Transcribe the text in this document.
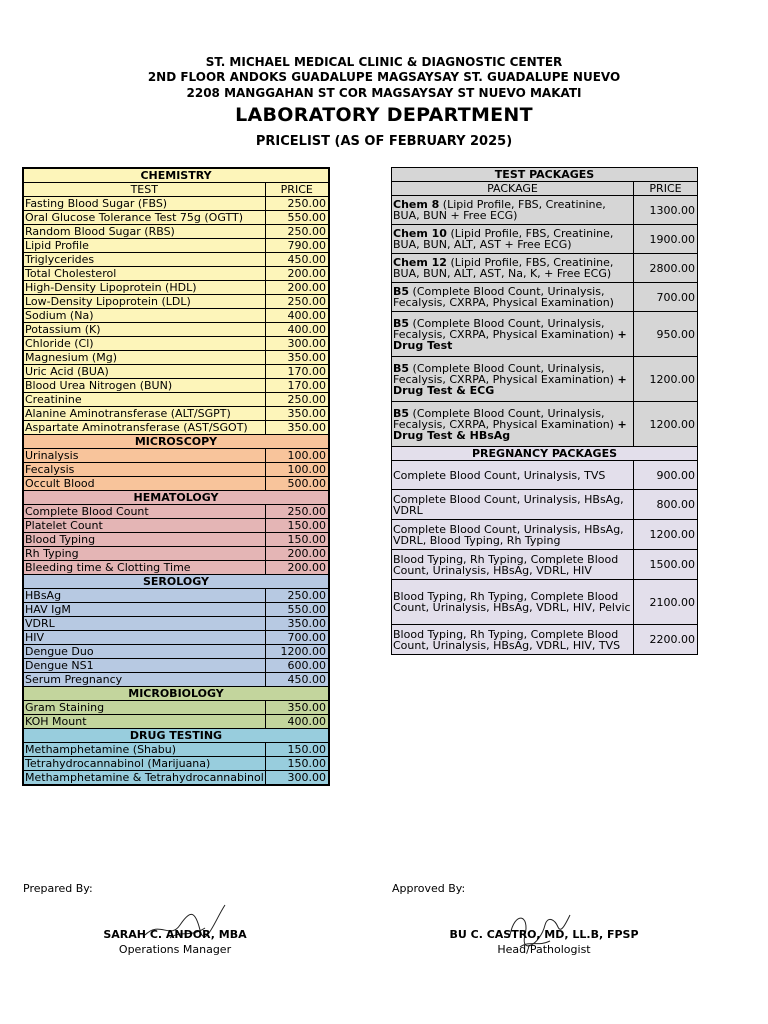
ST. MICHAEL MEDICAL CLINIC & DIAGNOSTIC CENTER
2ND FLOOR ANDOKS GUADALUPE MAGSAYSAY ST. GUADALUPE NUEVO
2208 MANGGAHAN ST COR MAGSAYSAY ST NUEVO MAKATI
LABORATORY DEPARTMENT
PRICELIST (AS OF FEBRUARY 2025)
CHEMISTRY	
TEST	PRICE
Fasting Blood Sugar (FBS)	250.00
Oral Glucose Tolerance Test 75g (OGTT)	550.00
Random Blood Sugar (RBS)	250.00
Lipid Profile	790.00
Triglycerides	450.00
Total Cholesterol	200.00
High-Density Lipoprotein (HDL)	200.00
Low-Density Lipoprotein (LDL)	250.00
Sodium (Na)	400.00
Potassium (K)	400.00
Chloride (Cl)	300.00
Magnesium (Mg)	350.00
Uric Acid (BUA)	170.00
Blood Urea Nitrogen (BUN)	170.00
Creatinine	250.00
Alanine Aminotransferase (ALT/SGPT)	350.00
Aspartate Aminotransferase (AST/SGOT)	350.00
MICROSCOPY	
Urinalysis	100.00
Fecalysis	100.00
Occult Blood	500.00
HEMATOLOGY	
Complete Blood Count	250.00
Platelet Count	150.00
Blood Typing	150.00
Rh Typing	200.00
Bleeding time & Clotting Time	200.00
SEROLOGY	
HBsAg	250.00
HAV IgM	550.00
VDRL	350.00
HIV	700.00
Dengue Duo	1200.00
Dengue NS1	600.00
Serum Pregnancy	450.00
MICROBIOLOGY	
Gram Staining	350.00
KOH Mount	400.00
DRUG TESTING	
Methamphetamine (Shabu)	150.00
Tetrahydrocannabinol (Marijuana)	150.00
Methamphetamine & Tetrahydrocannabinol	300.00
TEST PACKAGES	
PACKAGE	PRICE
Chem 8 (Lipid Profile, FBS, Creatinine, BUA, BUN + Free ECG)	1300.00
Chem 10 (Lipid Profile, FBS, Creatinine, BUA, BUN, ALT, AST + Free ECG)	1900.00
Chem 12 (Lipid Profile, FBS, Creatinine, BUA, BUN, ALT, AST, Na, K, + Free ECG)	2800.00
B5 (Complete Blood Count, Urinalysis, Fecalysis, CXRPA, Physical Examination)	700.00
B5 (Complete Blood Count, Urinalysis, Fecalysis, CXRPA, Physical Examination) + Drug Test	950.00
B5 (Complete Blood Count, Urinalysis, Fecalysis, CXRPA, Physical Examination) + Drug Test & ECG	1200.00
B5 (Complete Blood Count, Urinalysis, Fecalysis, CXRPA, Physical Examination) + Drug Test & HBsAg	1200.00
PREGNANCY PACKAGES	
Complete Blood Count, Urinalysis, TVS	900.00
Complete Blood Count, Urinalysis, HBsAg, VDRL	800.00
Complete Blood Count, Urinalysis, HBsAg, VDRL, Blood Typing, Rh Typing	1200.00
Blood Typing, Rh Typing, Complete Blood Count, Urinalysis, HBsAg, VDRL, HIV	1500.00
Blood Typing, Rh Typing, Complete Blood Count, Urinalysis, HBsAg, VDRL, HIV, Pelvic	2100.00
Blood Typing, Rh Typing, Complete Blood Count, Urinalysis, HBsAg, VDRL, HIV, TVS	2200.00
Prepared By:
SARAH C. ANDOR, MBA
Operations Manager
Approved By:
BU C. CASTRO, MD, LL.B, FPSP
Head/Pathologist
